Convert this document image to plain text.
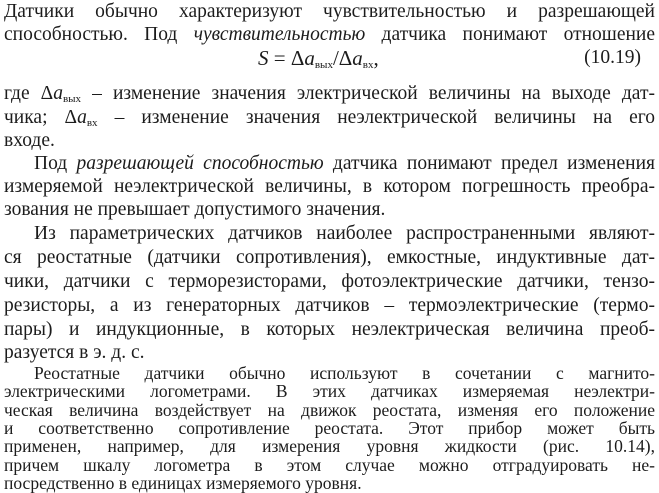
Датчики обычно характеризуют чувствительностью и разрешающей
способностью. Под чувствительностью датчика понимают отношение
$S = \Delta a_{вых}/\Delta a_{вх}$,	(10.19)
где $\Delta a_{вых}$ – изменение значения электрической величины на выходе дат-
чика; $\Delta a_{вх}$ – изменение значения неэлектрической величины на его
входе.
Под разрешающей способностью датчика понимают предел изменения
измеряемой неэлектрической величины, в котором погрешность преобра-
зования не превышает допустимого значения.
Из параметрических датчиков наиболее распространенными являют-
ся реостатные (датчики сопротивления), емкостные, индуктивные дат-
чики, датчики с терморезисторами, фотоэлектрические датчики, тензо-
резисторы, а из генераторных датчиков – термоэлектрические (термо-
пары) и индукционные, в которых неэлектрическая величина преоб-
разуется в э. д. с.
Реостатные датчики обычно используют в сочетании с магнито-
электрическими логометрами. В этих датчиках измеряемая неэлектри-
ческая величина воздействует на движок реостата, изменяя его положение
и соответственно сопротивление реостата. Этот прибор может быть
применен, например, для измерения уровня жидкости (рис. 10.14),
причем шкалу логометра в этом случае можно отградуировать не-
посредственно в единицах измеряемого уровня.
